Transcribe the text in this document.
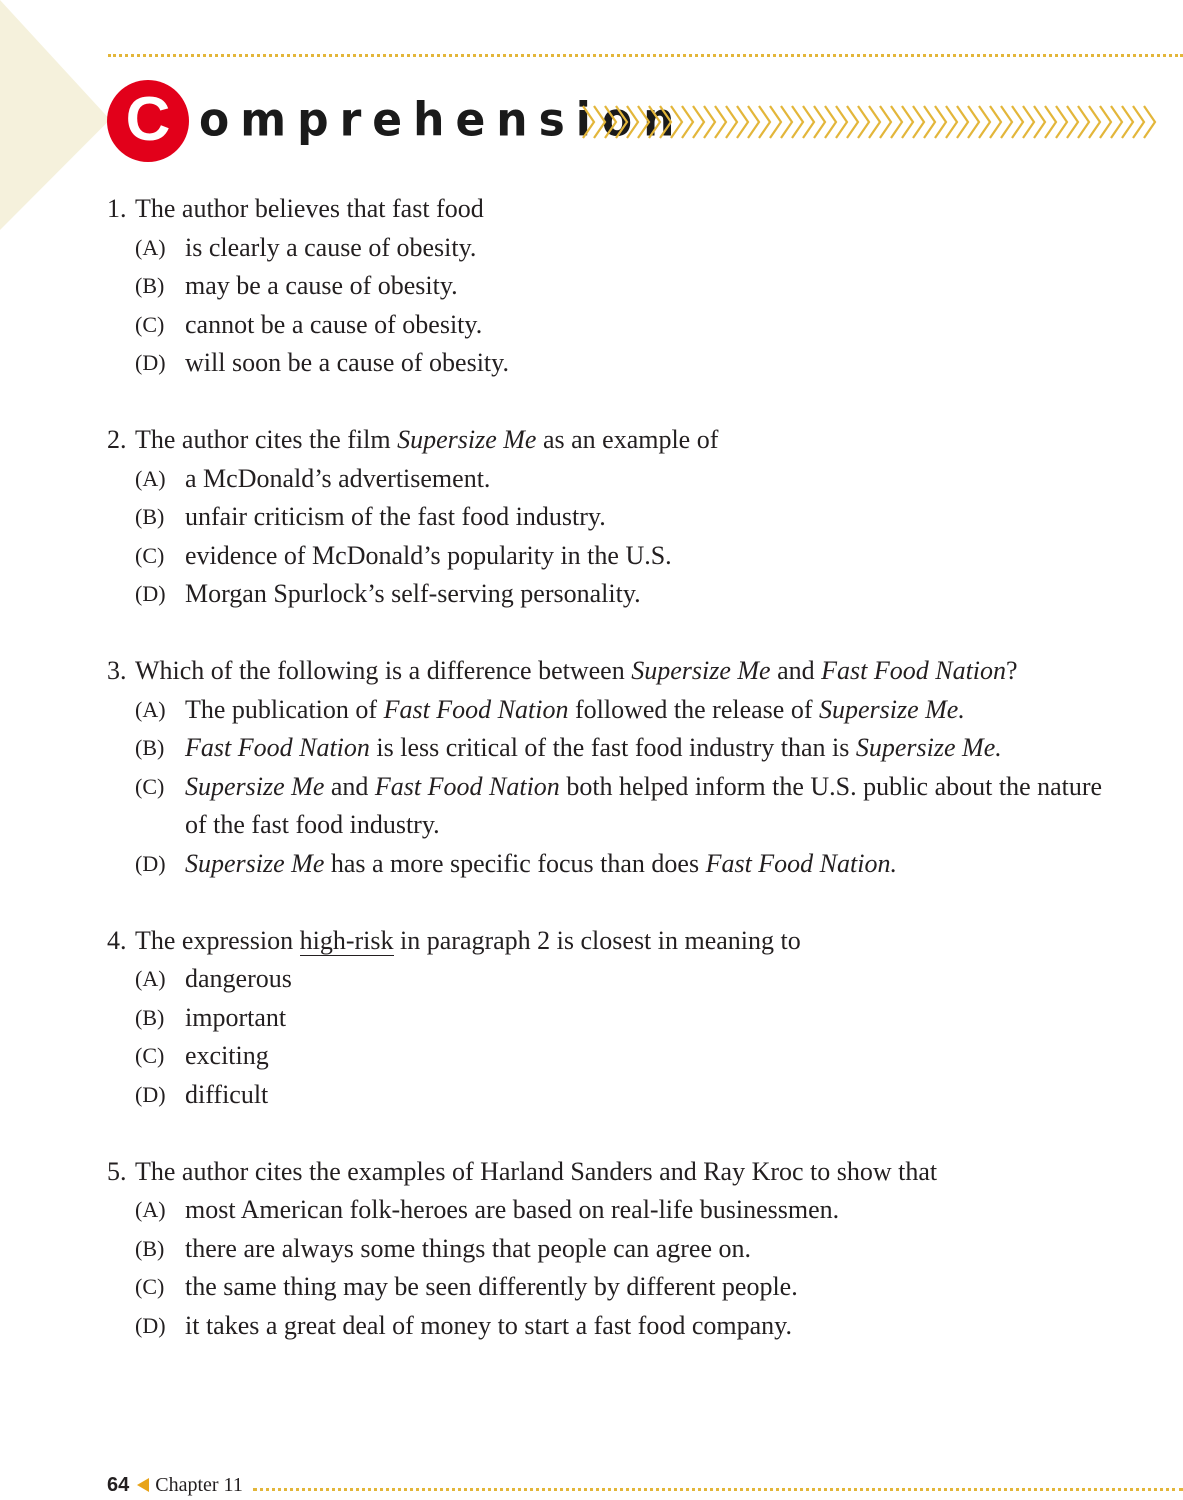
C omprehension
1. The author believes that fast food
(A) is clearly a cause of obesity.
(B) may be a cause of obesity.
(C) cannot be a cause of obesity.
(D) will soon be a cause of obesity.
2. The author cites the film Supersize Me as an example of
(A) a McDonald’s advertisement.
(B) unfair criticism of the fast food industry.
(C) evidence of McDonald’s popularity in the U.S.
(D) Morgan Spurlock’s self-serving personality.
3. Which of the following is a difference between Supersize Me and Fast Food Nation?
(A) The publication of Fast Food Nation followed the release of Supersize Me.
(B) Fast Food Nation is less critical of the fast food industry than is Supersize Me.
(C) Supersize Me and Fast Food Nation both helped inform the U.S. public about the nature of the fast food industry.
(D) Supersize Me has a more specific focus than does Fast Food Nation.
4. The expression high-risk in paragraph 2 is closest in meaning to
(A) dangerous
(B) important
(C) exciting
(D) difficult
5. The author cites the examples of Harland Sanders and Ray Kroc to show that
(A) most American folk-heroes are based on real-life businessmen.
(B) there are always some things that people can agree on.
(C) the same thing may be seen differently by different people.
(D) it takes a great deal of money to start a fast food company.
64 Chapter 11
